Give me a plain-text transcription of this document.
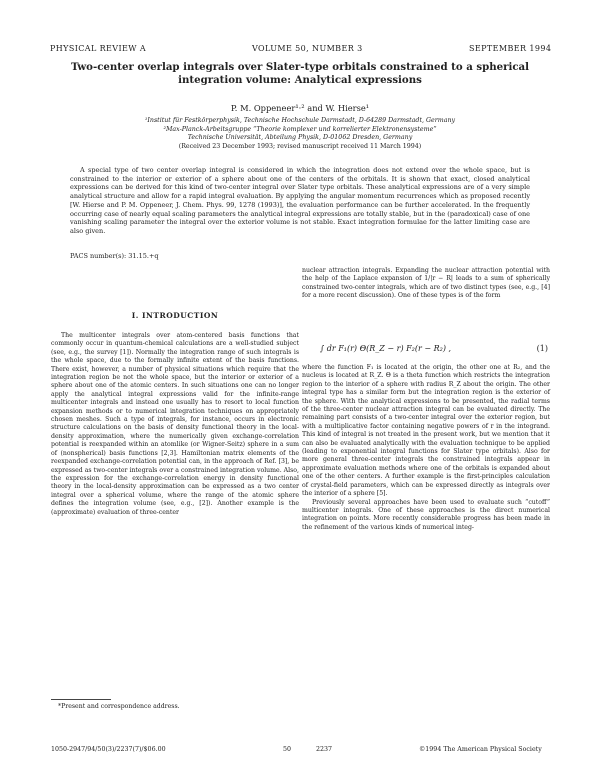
PHYSICAL REVIEW A	VOLUME 50, NUMBER 3	SEPTEMBER 1994
Two-center overlap integrals over Slater-type orbitals constrained to a spherical integration volume: Analytical expressions
P. M. Oppeneer¹·² and W. Hierse¹
¹Institut für Festkörperphysik, Technische Hochschule Darmstadt, D-64289 Darmstadt, Germany
²Max-Planck-Arbeitsgruppe “Theorie komplexer und korrelierter Elektronensysteme”
Technische Universität, Abteilung Physik, D-01062 Dresden, Germany
(Received 23 December 1993; revised manuscript received 11 March 1994)
A special type of two center overlap integral is considered in which the integration does not extend over the whole space, but is constrained to the interior or exterior of a sphere about one of the centers of the orbitals. It is shown that exact, closed analytical expressions can be derived for this kind of two-center integral over Slater type orbitals. These analytical expressions are of a very simple analytical structure and allow for a rapid integral evaluation. By applying the angular momentum recurrences which as proposed recently [W. Hierse and P. M. Oppeneer, J. Chem. Phys. 99, 1278 (1993)], the evaluation performance can be further accelerated. In the frequently occurring case of nearly equal scaling parameters the analytical integral expressions are totally stable, but in the (paradoxical) case of one vanishing scaling parameter the integral over the exterior volume is not stable. Exact integration formulae for the latter limiting case are also given.
PACS number(s): 31.15.+q
I. INTRODUCTION

The multicenter integrals over atom-centered basis functions that commonly occur in quantum-chemical calculations are a well-studied subject (see, e.g., the survey [1]). Normally the integration range of such integrals is the whole space, due to the formally infinite extent of the basis functions. There exist, however, a number of physical situations which require that the integration region be not the whole space, but the interior or exterior of a sphere about one of the atomic centers. In such situations one can no longer apply the analytical integral expressions valid for the infinite-range multicenter integrals and instead one usually has to resort to local function expansion methods or to numerical integration techniques on appropriately chosen meshes. Such a type of integrals, for instance, occurs in electronic structure calculations on the basis of density functional theory in the local-density approximation, where the numerically given exchange-correlation potential is reexpanded within an atomlike (or Wigner-Seitz) sphere in a sum of (nonspherical) basis functions [2,3]. Hamiltonian matrix elements of the reexpanded exchange-correlation potential can, in the approach of Ref. [3], be expressed as two-center integrals over a constrained integration volume. Also, the expression for the exchange-correlation energy in density functional theory in the local-density approximation can be expressed as a two center integral over a spherical volume, where the range of the atomic sphere defines the integration volume (see, e.g., [2]). Another example is the (approximate) evaluation of three-center

nuclear attraction integrals. Expanding the nuclear attraction potential with the help of the Laplace expansion of 1/|r − R| leads to a sum of spherically constrained two-center integrals, which are of two distinct types (see, e.g., [4] for a more recent discussion). One of these types is of the form

∫ dr F₁(r) Θ(R_Z − r) F₂(r − R₂) ,	(1)

where the function F₁ is located at the origin, the other one at R₂, and the nucleus is located at R_Z. Θ is a theta function which restricts the integration region to the interior of a sphere with radius R_Z about the origin. The other integral type has a similar form but the integration region is the exterior of the sphere. With the analytical expressions to be presented, the radial terms of the three-center nuclear attraction integral can be evaluated directly. The remaining part consists of a two-center integral over the exterior region, but with a multiplicative factor containing negative powers of r in the integrand. This kind of integral is not treated in the present work, but we mention that it can also be evaluated analytically with the evaluation technique to be applied (leading to exponential integral functions for Slater type orbitals). Also for more general three-center integrals the constrained integrals appear in approximate evaluation methods where one of the orbitals is expanded about one of the other centers. A further example is the first-principles calculation of crystal-field parameters, which can be expressed directly as integrals over the interior of a sphere [5].

Previously several approaches have been used to evaluate such “cutoff” multicenter integrals. One of these approaches is the direct numerical integration on points. More recently considerable progress has been made in the refinement of the various kinds of numerical integ-

*Present and correspondence address.
1050-2947/94/50(3)/2237(7)/$06.00	50	2237	©1994 The American Physical Society
